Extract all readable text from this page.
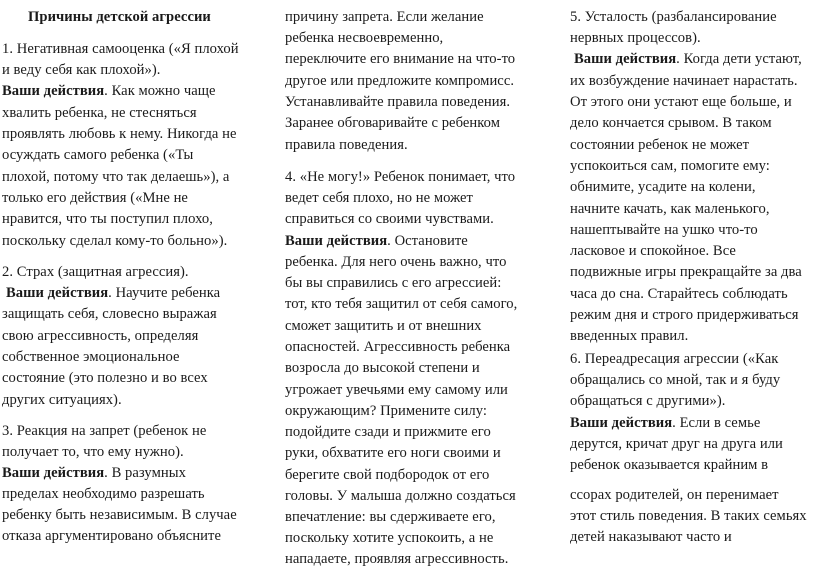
Причины детской агрессии
1. Негативная самооценка («Я плохой
и веду себя как плохой»).
Ваши действия. Как можно чаще
хвалить ребенка, не стесняться
проявлять любовь к нему. Никогда не
осуждать самого ребенка («Ты
плохой, потому что так делаешь»), а
только его действия («Мне не
нравится, что ты поступил плохо,
поскольку сделал кому-то больно»).
2. Страх (защитная агрессия).
Ваши действия. Научите ребенка
защищать себя, словесно выражая
свою агрессивность, определяя
собственное эмоциональное
состояние (это полезно и во всех
других ситуациях).
3. Реакция на запрет (ребенок не
получает то, что ему нужно).
Ваши действия. В разумных
пределах необходимо разрешать
ребенку быть независимым. В случае
отказа аргументировано объясните
причину запрета. Если желание
ребенка несвоевременно,
переключите его внимание на что-то
другое или предложите компромисс.
Устанавливайте правила поведения.
Заранее обговаривайте с ребенком
правила поведения.
4. «Не могу!» Ребенок понимает, что
ведет себя плохо, но не может
справиться со своими чувствами.
Ваши действия. Остановите
ребенка. Для него очень важно, что
бы вы справились с его агрессией:
тот, кто тебя защитил от себя самого,
сможет защитить и от внешних
опасностей. Агрессивность ребенка
возросла до высокой степени и
угрожает увечьями ему самому или
окружающим? Примените силу:
подойдите сзади и прижмите его
руки, обхватите его ноги своими и
берегите свой подбородок от его
головы. У малыша должно создаться
впечатление: вы сдерживаете его,
поскольку хотите успокоить, а не
нападаете, проявляя агрессивность.
5. Усталость (разбалансирование
нервных процессов).
Ваши действия. Когда дети устают,
их возбуждение начинает нарастать.
От этого они устают еще больше, и
дело кончается срывом. В таком
состоянии ребенок не может
успокоиться сам, помогите ему:
обнимите, усадите на колени,
начните качать, как маленького,
нашептывайте на ушко что-то
ласковое и спокойное. Все
подвижные игры прекращайте за два
часа до сна. Старайтесь соблюдать
режим дня и строго придерживаться
введенных правил.
6. Переадресация агрессии («Как
обращались со мной, так и я буду
обращаться с другими»).
Ваши действия. Если в семье
дерутся, кричат друг на друга или
ребенок оказывается крайним в
ссорах родителей, он перенимает
этот стиль поведения. В таких семьях
детей наказывают часто и
